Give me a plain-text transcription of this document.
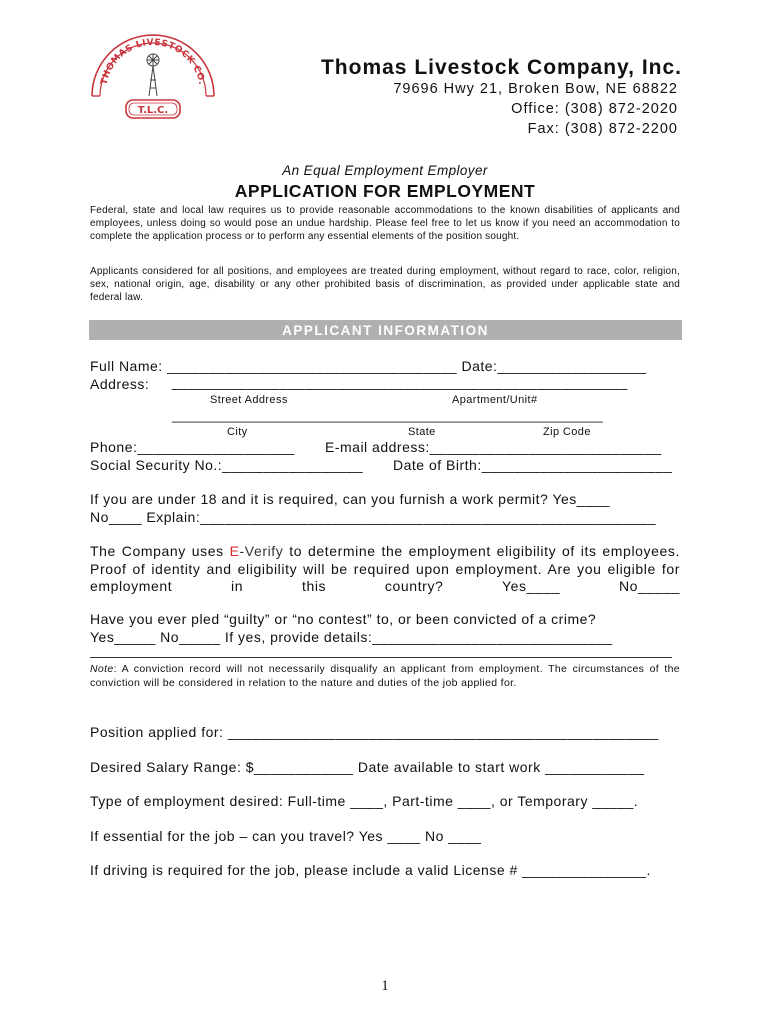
THOMAS LIVESTOCK CO.
T.L.C.
Thomas Livestock Company, Inc.
79696 Hwy 21, Broken Bow, NE 68822
Office: (308) 872-2020
Fax: (308) 872-2200
An Equal Employment Employer
APPLICATION FOR EMPLOYMENT
Federal, state and local law requires us to provide reasonable accommodations to the known disabilities of applicants and employees, unless doing so would pose an undue hardship. Please feel free to let us know if you need an accommodation to complete the application process or to perform any essential elements of the position sought.
Applicants considered for all positions, and employees are treated during employment, without regard to race, color, religion, sex, national origin, age, disability or any other prohibited basis of discrimination, as provided under applicable state and federal law.
APPLICANT INFORMATION
Full Name: ___________________________________ Date:__________________
Address: _______________________________________________________
Street Address	Apartment/Unit#
__________________________________________________________
City	State	Zip Code
Phone:___________________ E-mail address:____________________________
Social Security No.:_________________ Date of Birth:_______________________
If you are under 18 and it is required, can you furnish a work permit? Yes____
No____ Explain:_______________________________________________________
The Company uses E-Verify to determine the employment eligibility of its employees. Proof of identity and eligibility will be required upon employment. Are you eligible for employment in this country? Yes____ No_____
Have you ever pled “guilty” or “no contest” to, or been convicted of a crime?
Yes_____ No_____ If yes, provide details:_____________________________
Note: A conviction record will not necessarily disqualify an applicant from employment. The circumstances of the conviction will be considered in relation to the nature and duties of the job applied for.
Position applied for: ____________________________________________________
Desired Salary Range: $____________ Date available to start work ____________
Type of employment desired: Full-time ____, Part-time ____, or Temporary _____.
If essential for the job – can you travel? Yes ____ No ____
If driving is required for the job, please include a valid License # _______________.
1
